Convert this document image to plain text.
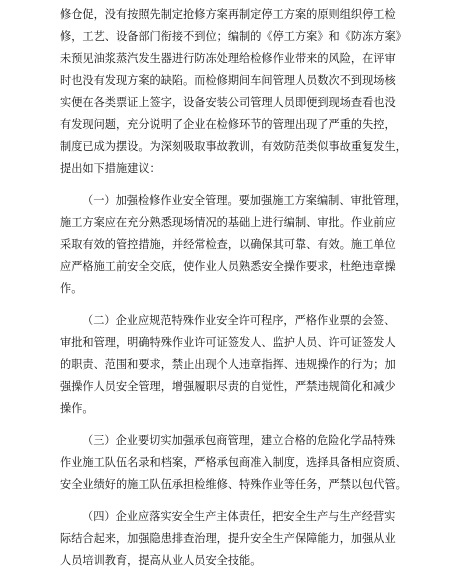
修仓促，没有按照先制定抢修方案再制定停工方案的原则组织停工检
修，工艺、设备部门衔接不到位；编制的《停工方案》和《防冻方案》
未预见油浆蒸汽发生器进行防冻处理给检修作业带来的风险，在评审
时也没有发现方案的缺陷。而检修期间车间管理人员数次不到现场核
实便在各类票证上签字，设备安装公司管理人员即便到现场查看也没
有发现问题，充分说明了企业在检修环节的管理出现了严重的失控，
制度已成为摆设。为深刻吸取事故教训，有效防范类似事故重复发生，
提出如下措施建议：

（一）加强检修作业安全管理。要加强施工方案编制、审批管理，
施工方案应在充分熟悉现场情况的基础上进行编制、审批。作业前应
采取有效的管控措施，并经常检查，以确保其可靠、有效。施工单位
应严格施工前安全交底，使作业人员熟悉安全操作要求，杜绝违章操
作。

（二）企业应规范特殊作业安全许可程序，严格作业票的会签、
审批和管理，明确特殊作业许可证签发人、监护人员、许可证签发人
的职责、范围和要求，禁止出现个人违章指挥、违规操作的行为；加
强操作人员安全管理，增强履职尽责的自觉性，严禁违规简化和减少
操作。

（三）企业要切实加强承包商管理，建立合格的危险化学品特殊
作业施工队伍名录和档案，严格承包商准入制度，选择具备相应资质、
安全业绩好的施工队伍承担检维修、特殊作业等任务，严禁以包代管。

（四）企业应落实安全生产主体责任，把安全生产与生产经营实
际结合起来，加强隐患排查治理，提升安全生产保障能力，加强从业
人员培训教育，提高从业人员安全技能。
